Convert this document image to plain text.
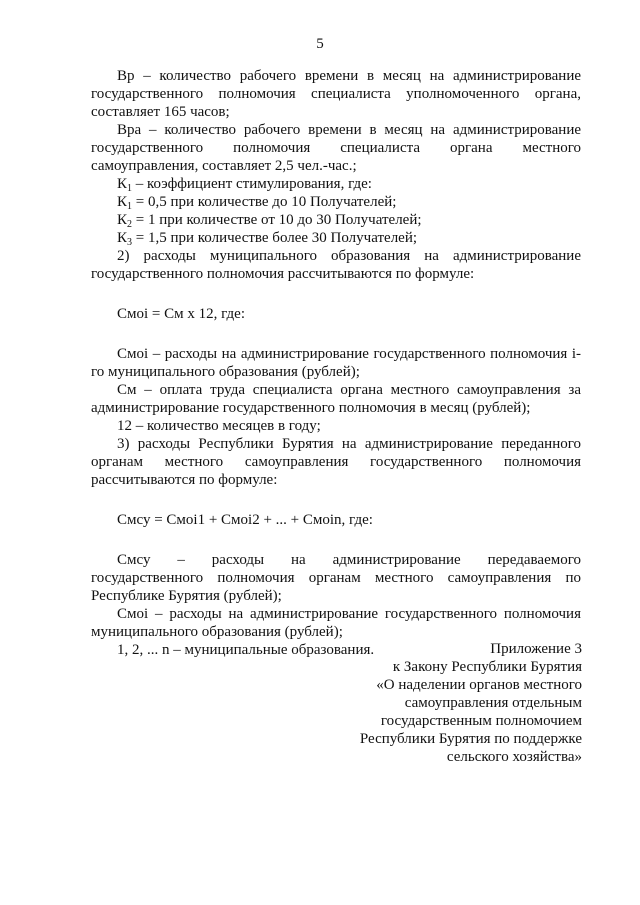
5

Вр – количество рабочего времени в месяц на администрирование государственного полномочия специалиста уполномоченного органа, составляет 165 часов;

Вра – количество рабочего времени в месяц на администрирование государственного полномочия специалиста органа местного самоуправления, составляет 2,5 чел.-час.;

$К_1$ – коэффициент стимулирования, где:

$К_1 = 0,5$ при количестве до 10 Получателей;

$К_2 = 1$ при количестве от 10 до 30 Получателей;

$К_3 = 1,5$ при количестве более 30 Получателей;

2) расходы муниципального образования на администрирование государственного полномочия рассчитываются по формуле:

Смоi = См х 12, где:

Смоi – расходы на администрирование государственного полномочия i-го муниципального образования (рублей);

См – оплата труда специалиста органа местного самоуправления за администрирование государственного полномочия в месяц (рублей);

12 – количество месяцев в году;

3) расходы Республики Бурятия на администрирование переданного органам местного самоуправления государственного полномочия рассчитываются по формуле:

Смсу = Смоi1 + Смоi2 + ... + Смоin, где:

Смсу – расходы на администрирование передаваемого государственного полномочия органам местного самоуправления по Республике Бурятия (рублей);

Смоi – расходы на администрирование государственного полномочия муниципального образования (рублей);

1, 2, ... n – муниципальные образования.	Приложение 3
к Закону Республики Бурятия
«О наделении органов местного
самоуправления отдельным
государственным полномочием
Республики Бурятия по поддержке
сельского хозяйства»
